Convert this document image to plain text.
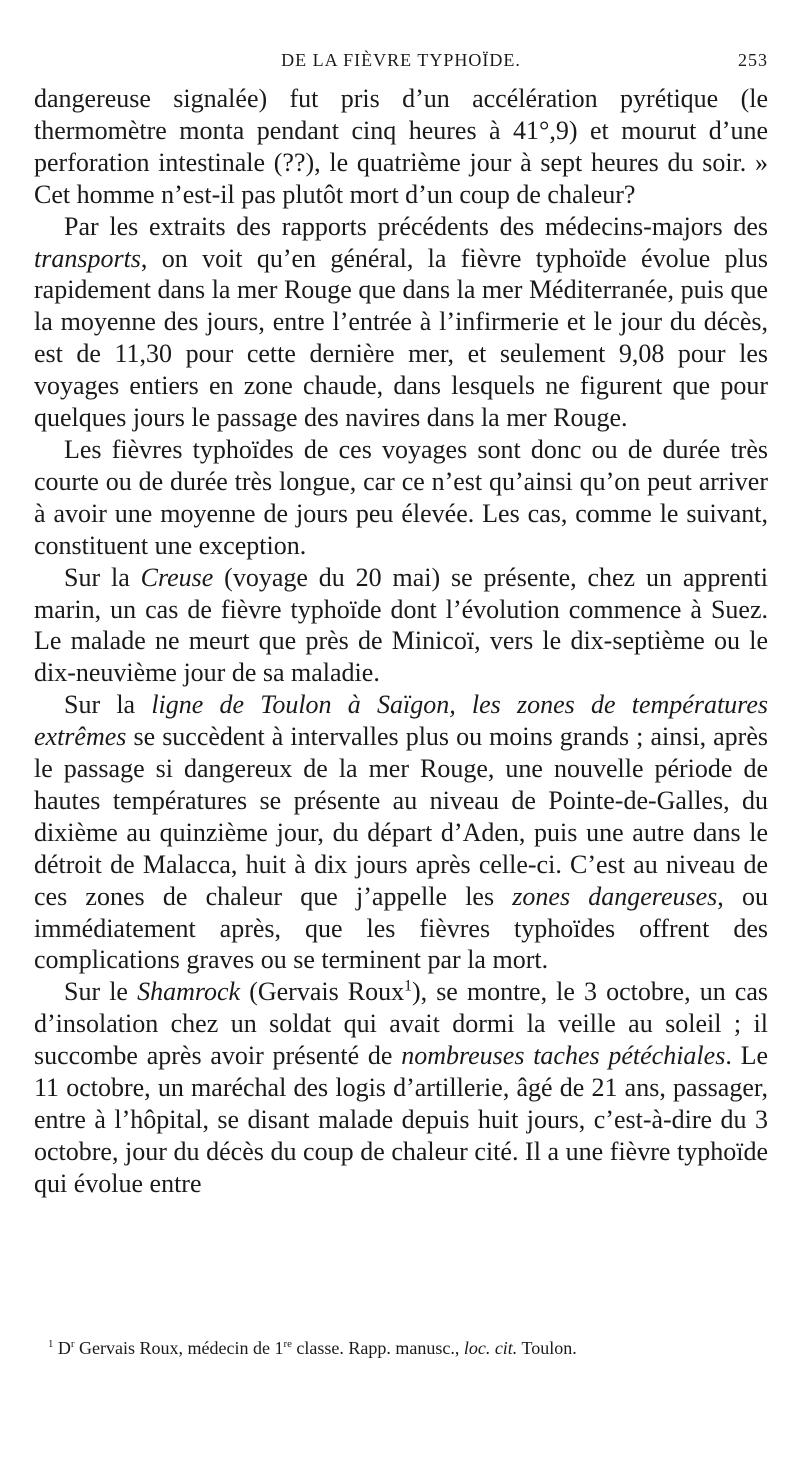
DE LA FIÈVRE TYPHOÏDE.	253

dangereuse signalée) fut pris d’un accélération pyrétique (le thermomètre monta pendant cinq heures à 41°,9) et mourut d’une perforation intestinale (??), le quatrième jour à sept heures du soir. » Cet homme n’est-il pas plutôt mort d’un coup de chaleur?

Par les extraits des rapports précédents des médecins-majors des transports, on voit qu’en général, la fièvre typhoïde évolue plus rapidement dans la mer Rouge que dans la mer Méditerranée, puis que la moyenne des jours, entre l’entrée à l’infirmerie et le jour du décès, est de 11,30 pour cette dernière mer, et seulement 9,08 pour les voyages entiers en zone chaude, dans lesquels ne figurent que pour quelques jours le passage des navires dans la mer Rouge.

Les fièvres typhoïdes de ces voyages sont donc ou de durée très courte ou de durée très longue, car ce n’est qu’ainsi qu’on peut arriver à avoir une moyenne de jours peu élevée. Les cas, comme le suivant, constituent une exception.

Sur la Creuse (voyage du 20 mai) se présente, chez un apprenti marin, un cas de fièvre typhoïde dont l’évolution commence à Suez. Le malade ne meurt que près de Minicoï, vers le dix-septième ou le dix-neuvième jour de sa maladie.

Sur la ligne de Toulon à Saïgon, les zones de températures extrêmes se succèdent à intervalles plus ou moins grands ; ainsi, après le passage si dangereux de la mer Rouge, une nouvelle période de hautes températures se présente au niveau de Pointe-de-Galles, du dixième au quinzième jour, du départ d’Aden, puis une autre dans le détroit de Malacca, huit à dix jours après celle-ci. C’est au niveau de ces zones de chaleur que j’appelle les zones dangereuses, ou immédiatement après, que les fièvres typhoïdes offrent des complications graves ou se terminent par la mort.

Sur le Shamrock (Gervais Roux$^1$), se montre, le 3 octobre, un cas d’insolation chez un soldat qui avait dormi la veille au soleil ; il succombe après avoir présenté de nombreuses taches pétéchiales. Le 11 octobre, un maréchal des logis d’artillerie, âgé de 21 ans, passager, entre à l’hôpital, se disant malade depuis huit jours, c’est-à-dire du 3 octobre, jour du décès du coup de chaleur cité. Il a une fièvre typhoïde qui évolue entre

$^1$ $D^r$ Gervais Roux, médecin de 1re classe. Rapp. manusc., loc. cit. Toulon.
